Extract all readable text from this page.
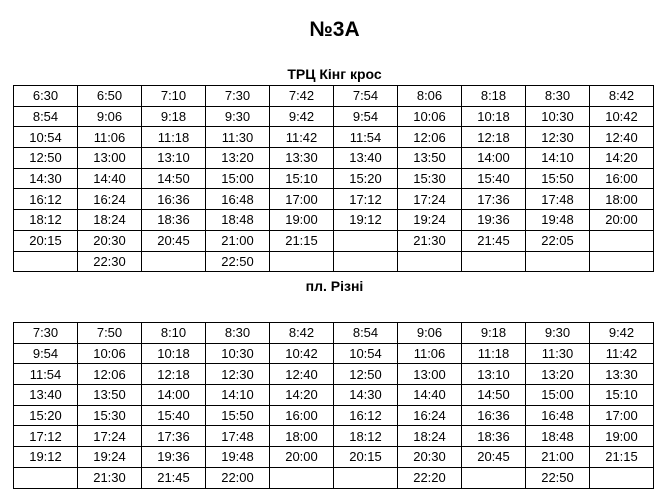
№3А
ТРЦ Кінг крос
6:30	6:50	7:10	7:30	7:42	7:54	8:06	8:18	8:30	8:42
8:54	9:06	9:18	9:30	9:42	9:54	10:06	10:18	10:30	10:42
10:54	11:06	11:18	11:30	11:42	11:54	12:06	12:18	12:30	12:40
12:50	13:00	13:10	13:20	13:30	13:40	13:50	14:00	14:10	14:20
14:30	14:40	14:50	15:00	15:10	15:20	15:30	15:40	15:50	16:00
16:12	16:24	16:36	16:48	17:00	17:12	17:24	17:36	17:48	18:00
18:12	18:24	18:36	18:48	19:00	19:12	19:24	19:36	19:48	20:00
20:15	20:30	20:45	21:00	21:15		21:30	21:45	22:05	
	22:30		22:50						
пл. Різні
7:30	7:50	8:10	8:30	8:42	8:54	9:06	9:18	9:30	9:42
9:54	10:06	10:18	10:30	10:42	10:54	11:06	11:18	11:30	11:42
11:54	12:06	12:18	12:30	12:40	12:50	13:00	13:10	13:20	13:30
13:40	13:50	14:00	14:10	14:20	14:30	14:40	14:50	15:00	15:10
15:20	15:30	15:40	15:50	16:00	16:12	16:24	16:36	16:48	17:00
17:12	17:24	17:36	17:48	18:00	18:12	18:24	18:36	18:48	19:00
19:12	19:24	19:36	19:48	20:00	20:15	20:30	20:45	21:00	21:15
	21:30	21:45	22:00			22:20		22:50	
